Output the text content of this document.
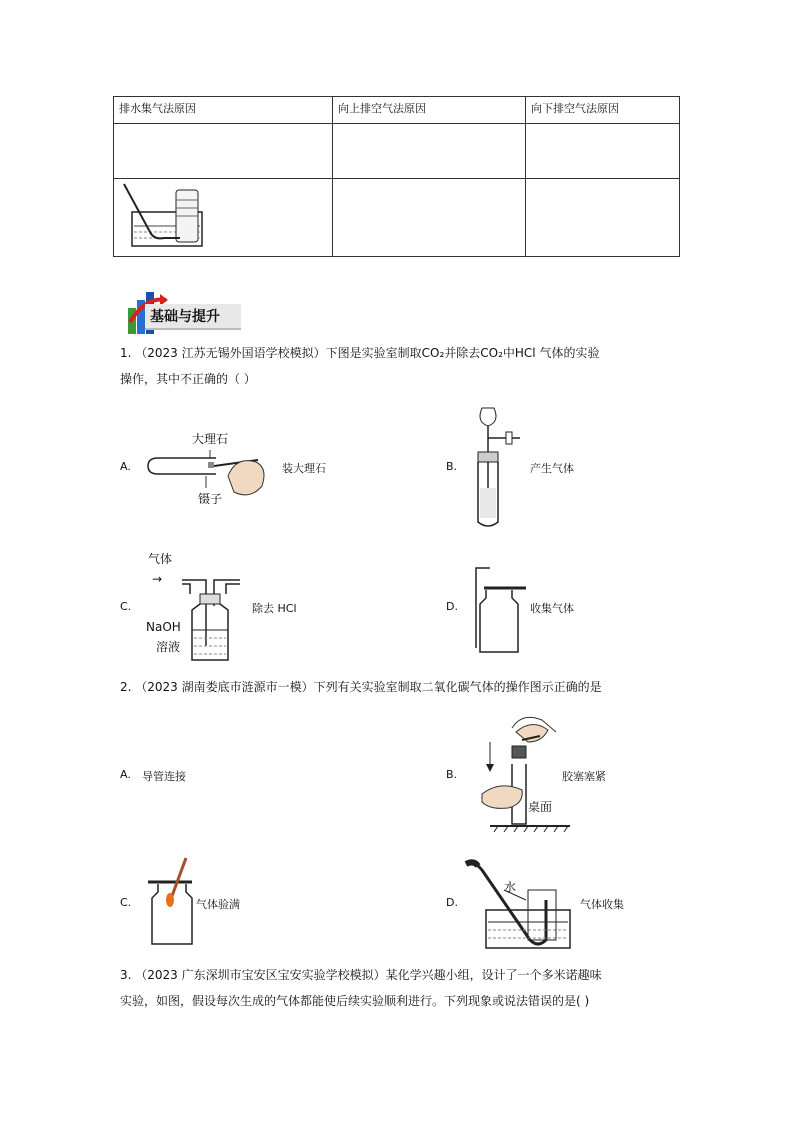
排水集气法原因	向上排空气法原因	向下排空气法原因

基础与提升
1. （2023 江苏无锡外国语学校模拟）下图是实验室制取CO₂并除去CO₂中HCl 气体的实验
操作，其中不正确的（ ）
A.
大理石
镊子
装大理石	B.	产生气体
气体
→
C.
NaOH
溶液
除去 HCl	D.	收集气体
2. （2023 湖南娄底市涟源市一模）下列有关实验室制取二氧化碳气体的操作图示正确的是
A. 导管连接	B.
桌面
胶塞塞紧
C.	气体验满	D.
水
气体收集
3. （2023 广东深圳市宝安区宝安实验学校模拟）某化学兴趣小组，设计了一个多米诺趣味
实验，如图，假设每次生成的气体都能使后续实验顺利进行。下列现象或说法错误的是( )
